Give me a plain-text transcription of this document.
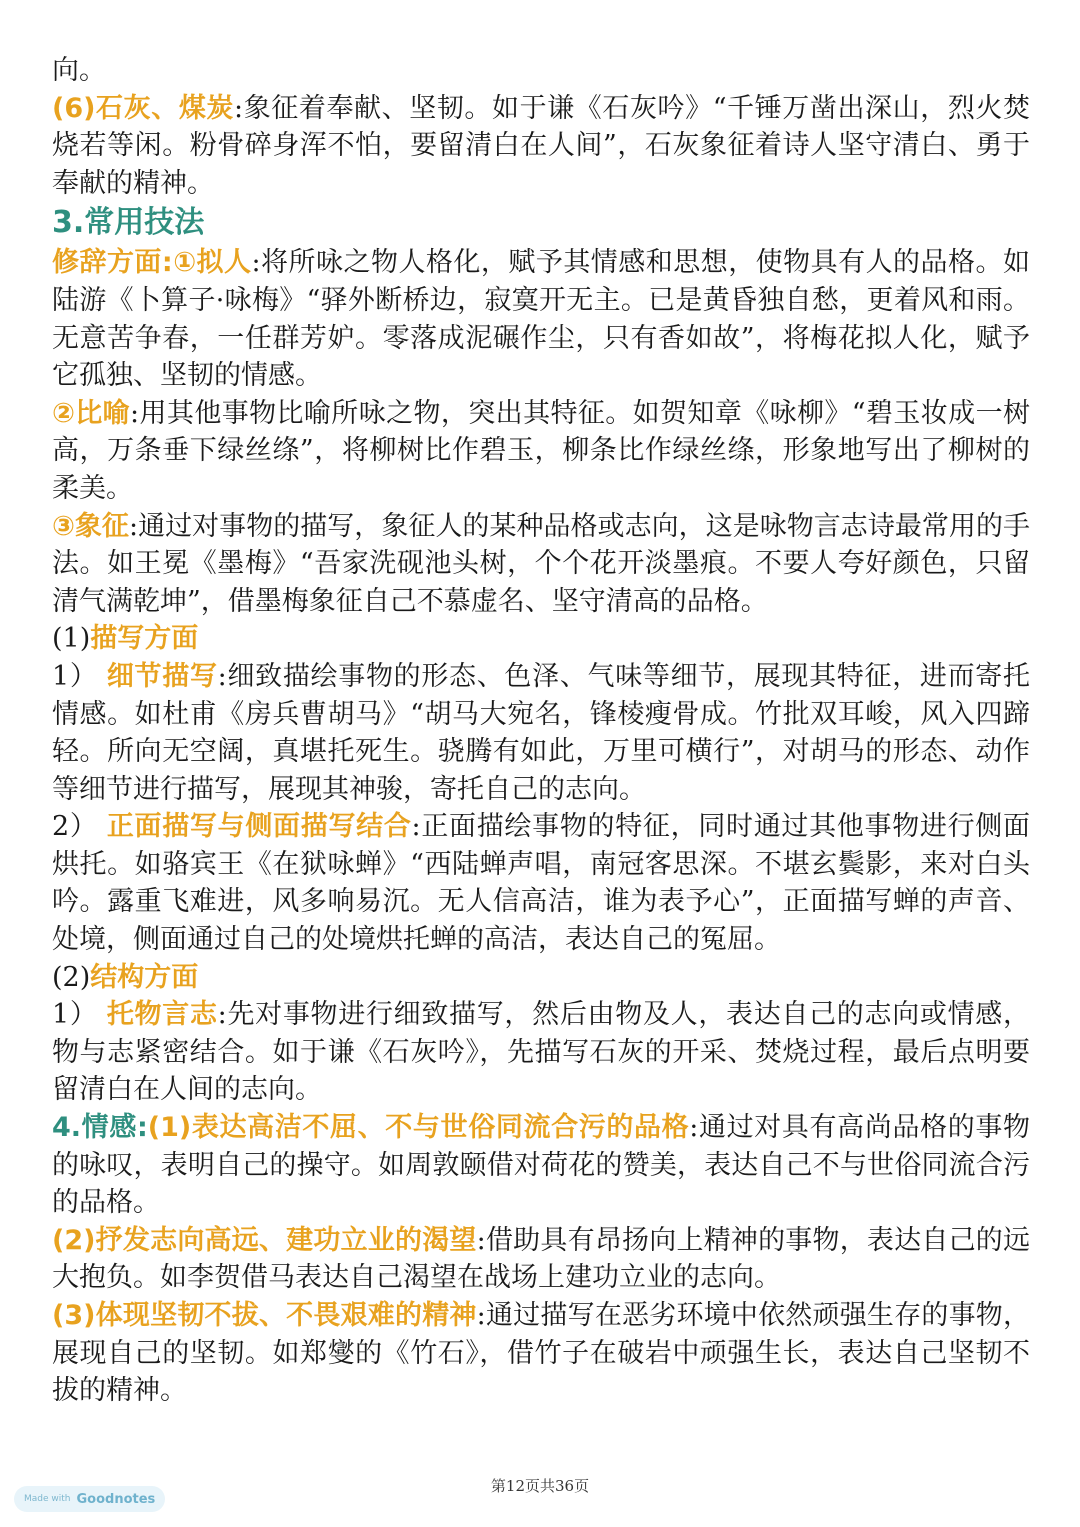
向。

(6)石灰、煤炭:象征着奉献、坚韧。如于谦《石灰吟》“千锤万凿出深山，烈火焚烧若等闲。粉骨碎身浑不怕，要留清白在人间”，石灰象征着诗人坚守清白、勇于奉献的精神。

3.常用技法

修辞方面:①拟人:将所咏之物人格化，赋予其情感和思想，使物具有人的品格。如陆游《卜算子·咏梅》“驿外断桥边，寂寞开无主。已是黄昏独自愁，更着风和雨。无意苦争春，一任群芳妒。零落成泥碾作尘，只有香如故”，将梅花拟人化，赋予它孤独、坚韧的情感。

②比喻:用其他事物比喻所咏之物，突出其特征。如贺知章《咏柳》“碧玉妆成一树高，万条垂下绿丝绦”，将柳树比作碧玉，柳条比作绿丝绦，形象地写出了柳树的柔美。

③象征:通过对事物的描写，象征人的某种品格或志向，这是咏物言志诗最常用的手法。如王冕《墨梅》“吾家洗砚池头树，个个花开淡墨痕。不要人夸好颜色，只留清气满乾坤”，借墨梅象征自己不慕虚名、坚守清高的品格。

(1)描写方面

1） 细节描写:细致描绘事物的形态、色泽、气味等细节，展现其特征，进而寄托情感。如杜甫《房兵曹胡马》“胡马大宛名，锋棱瘦骨成。竹批双耳峻，风入四蹄轻。所向无空阔，真堪托死生。骁腾有如此，万里可横行”，对胡马的形态、动作等细节进行描写，展现其神骏，寄托自己的志向。

2） 正面描写与侧面描写结合:正面描绘事物的特征，同时通过其他事物进行侧面烘托。如骆宾王《在狱咏蝉》“西陆蝉声唱，南冠客思深。不堪玄鬓影，来对白头吟。露重飞难进，风多响易沉。无人信高洁，谁为表予心”，正面描写蝉的声音、处境，侧面通过自己的处境烘托蝉的高洁，表达自己的冤屈。

(2)结构方面

1） 托物言志:先对事物进行细致描写，然后由物及人，表达自己的志向或情感，物与志紧密结合。如于谦《石灰吟》，先描写石灰的开采、焚烧过程，最后点明要留清白在人间的志向。

4.情感:(1)表达高洁不屈、不与世俗同流合污的品格:通过对具有高尚品格的事物的咏叹，表明自己的操守。如周敦颐借对荷花的赞美，表达自己不与世俗同流合污的品格。

(2)抒发志向高远、建功立业的渴望:借助具有昂扬向上精神的事物，表达自己的远大抱负。如李贺借马表达自己渴望在战场上建功立业的志向。

(3)体现坚韧不拔、不畏艰难的精神:通过描写在恶劣环境中依然顽强生存的事物，展现自己的坚韧。如郑燮的《竹石》，借竹子在破岩中顽强生长，表达自己坚韧不拔的精神。

第12页共36页
Made with Goodnotes
